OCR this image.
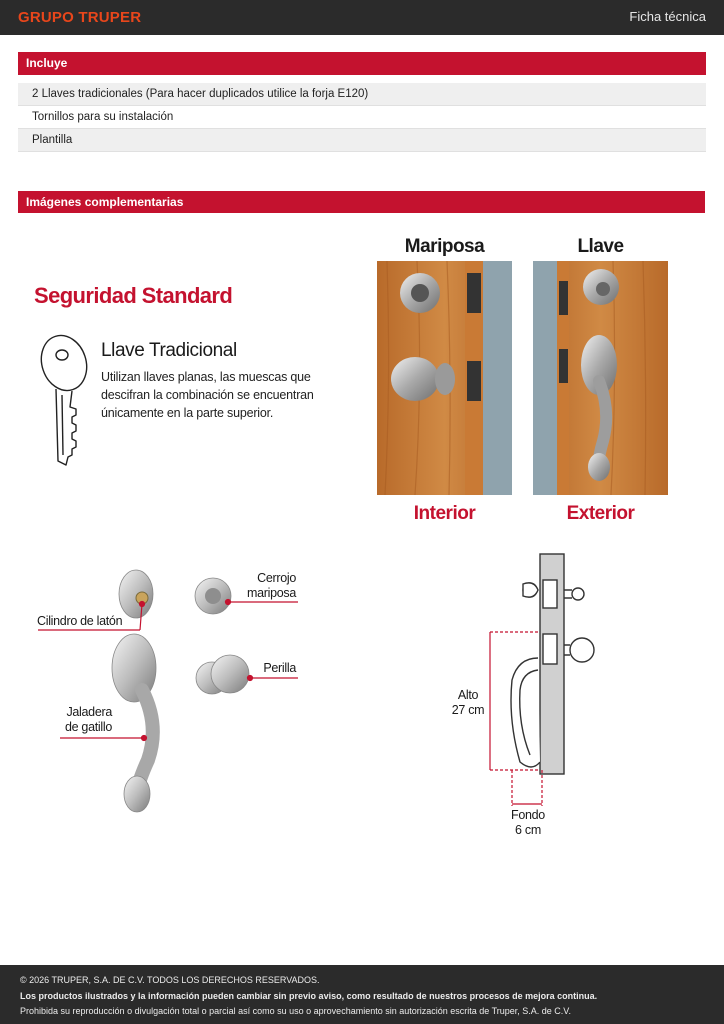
GRUPO TRUPER	Ficha técnica
Incluye
2 Llaves tradicionales (Para hacer duplicados utilice la forja E120)
Tornillos para su instalación
Plantilla
Imágenes complementarias
Seguridad Standard
Llave Tradicional
Utilizan llaves planas, las muescas que descifran la combinación se encuentran únicamente en la parte superior.
Mariposa	Llave
Interior	Exterior
Cilindro de latón
Cerrojo
mariposa
Perilla
Jaladera
de gatillo
Alto
27 cm
Fondo
6 cm
© 2026 TRUPER, S.A. DE C.V. TODOS LOS DERECHOS RESERVADOS.
Los productos ilustrados y la información pueden cambiar sin previo aviso, como resultado de nuestros procesos de mejora continua.
Prohibida su reproducción o divulgación total o parcial así como su uso o aprovechamiento sin autorización escrita de Truper, S.A. de C.V.
